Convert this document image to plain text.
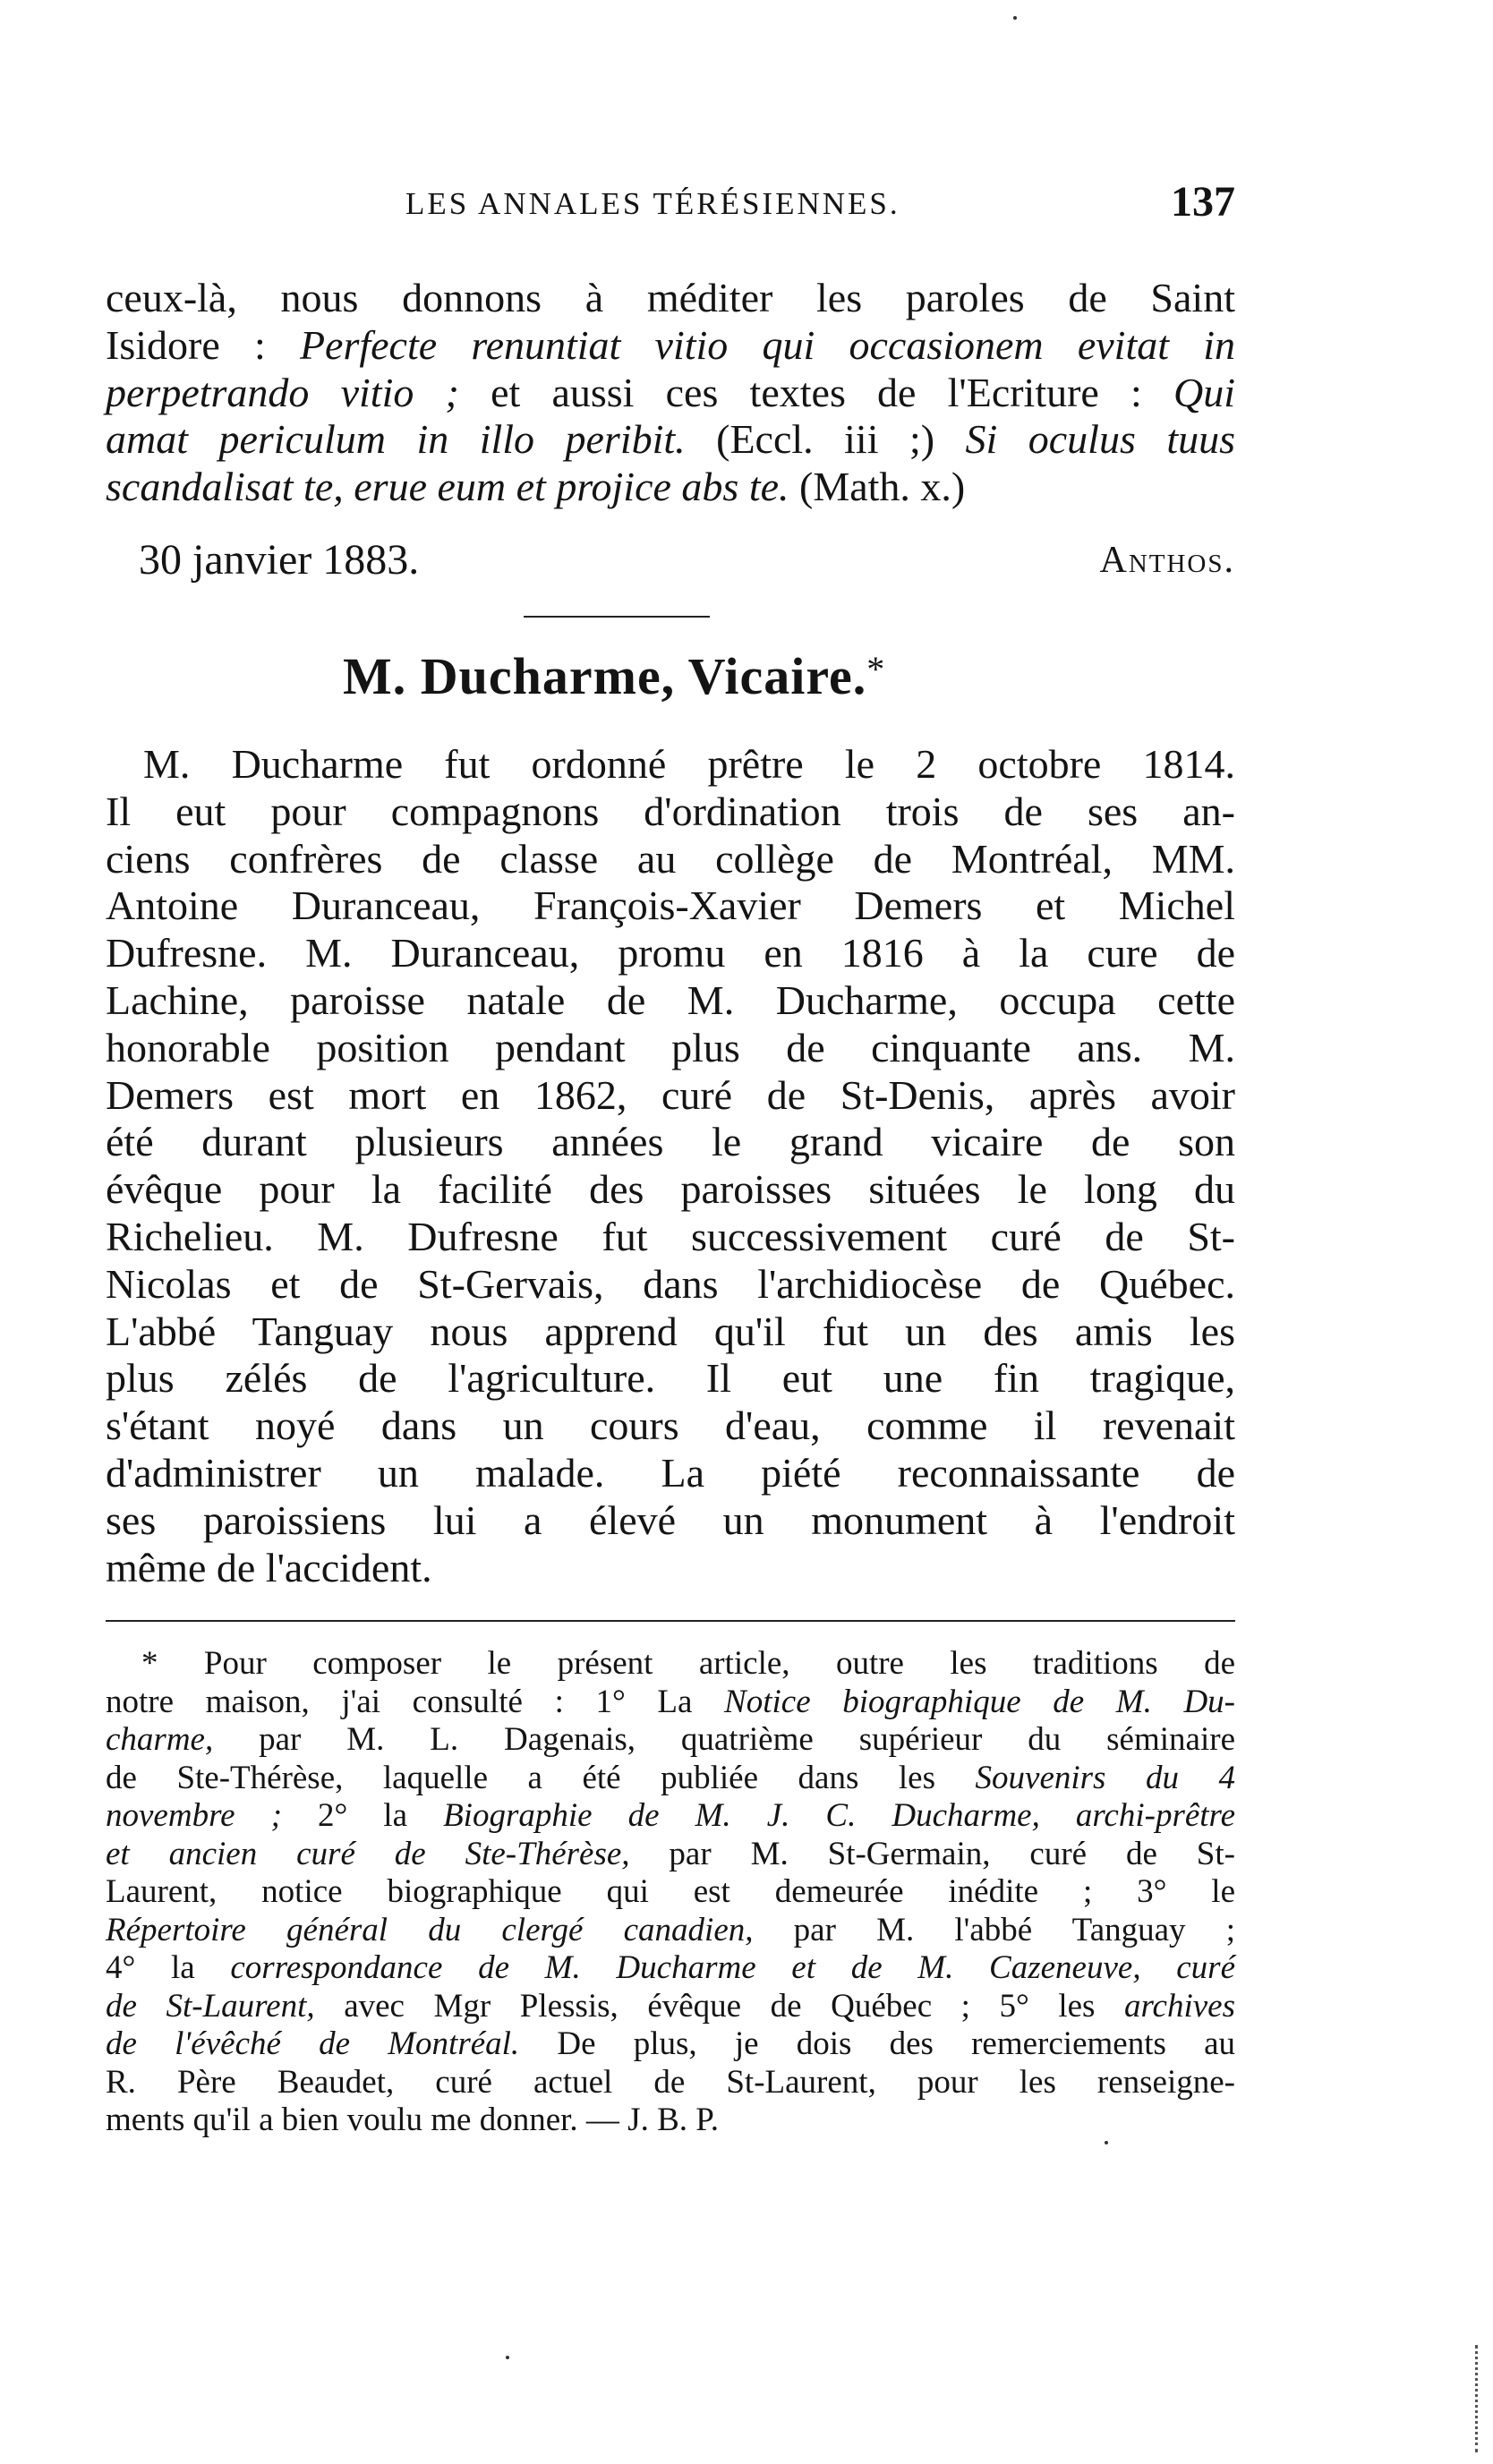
LES ANNALES TÉRÉSIENNES.	137
ceux-là, nous donnons à méditer les paroles de Saint
Isidore : Perfecte renuntiat vitio qui occasionem evitat in
perpetrando vitio ; et aussi ces textes de l'Ecriture : Qui
amat periculum in illo peribit. (Eccl. iii ;) Si oculus tuus
scandalisat te, erue eum et projice abs te. (Math. x.)
30 janvier 1883.	Anthos.
M. Ducharme, Vicaire.*
M. Ducharme fut ordonné prêtre le 2 octobre 1814.
Il eut pour compagnons d'ordination trois de ses an-
ciens confrères de classe au collège de Montréal, MM.
Antoine Duranceau, François-Xavier Demers et Michel
Dufresne. M. Duranceau, promu en 1816 à la cure de
Lachine, paroisse natale de M. Ducharme, occupa cette
honorable position pendant plus de cinquante ans. M.
Demers est mort en 1862, curé de St-Denis, après avoir
été durant plusieurs années le grand vicaire de son
évêque pour la facilité des paroisses situées le long du
Richelieu. M. Dufresne fut successivement curé de St-
Nicolas et de St-Gervais, dans l'archidiocèse de Québec.
L'abbé Tanguay nous apprend qu'il fut un des amis les
plus zélés de l'agriculture. Il eut une fin tragique,
s'étant noyé dans un cours d'eau, comme il revenait
d'administrer un malade. La piété reconnaissante de
ses paroissiens lui a élevé un monument à l'endroit
même de l'accident.
* Pour composer le présent article, outre les traditions de
notre maison, j'ai consulté : 1° La Notice biographique de M. Du-
charme, par M. L. Dagenais, quatrième supérieur du séminaire
de Ste-Thérèse, laquelle a été publiée dans les Souvenirs du 4
novembre ; 2° la Biographie de M. J. C. Ducharme, archi-prêtre
et ancien curé de Ste-Thérèse, par M. St-Germain, curé de St-
Laurent, notice biographique qui est demeurée inédite ; 3° le
Répertoire général du clergé canadien, par M. l'abbé Tanguay ;
4° la correspondance de M. Ducharme et de M. Cazeneuve, curé
de St-Laurent, avec Mgr Plessis, évêque de Québec ; 5° les archives
de l'évêché de Montréal. De plus, je dois des remerciements au
R. Père Beaudet, curé actuel de St-Laurent, pour les renseigne-
ments qu'il a bien voulu me donner. — J. B. P.
